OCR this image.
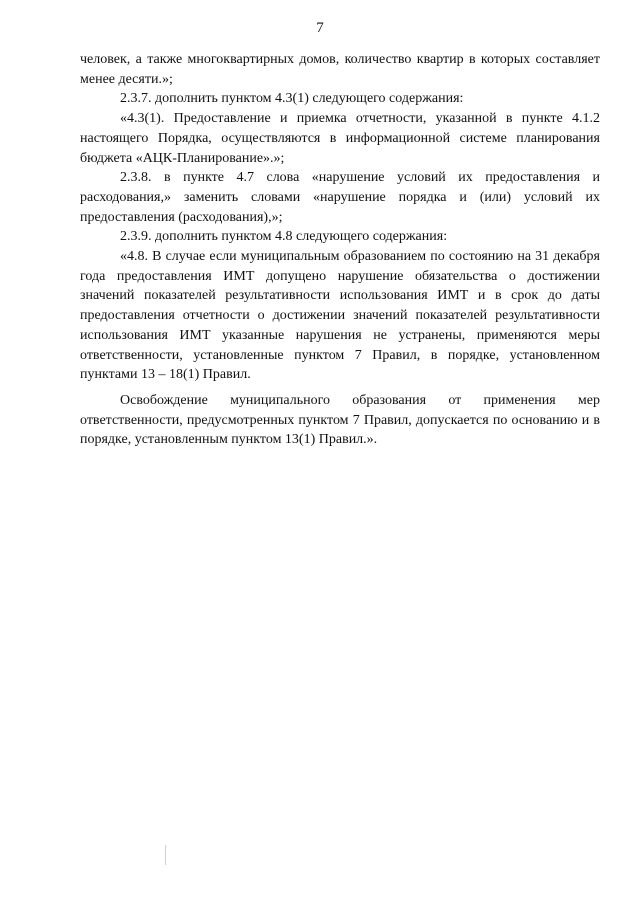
7

человек, а также многоквартирных домов, количество квартир в которых составляет менее десяти.»;

2.3.7. дополнить пунктом 4.3(1) следующего содержания:

«4.3(1). Предоставление и приемка отчетности, указанной в пункте 4.1.2 настоящего Порядка, осуществляются в информационной системе планирования бюджета «АЦК-Планирование».»;

2.3.8. в пункте 4.7 слова «нарушение условий их предоставления и расходования,» заменить словами «нарушение порядка и (или) условий их предоставления (расходования),»;

2.3.9. дополнить пунктом 4.8 следующего содержания:

«4.8. В случае если муниципальным образованием по состоянию на 31 декабря года предоставления ИМТ допущено нарушение обязательства о достижении значений показателей результативности использования ИМТ и в срок до даты предоставления отчетности о достижении значений показателей результативности использования ИМТ указанные нарушения не устранены, применяются меры ответственности, установленные пунктом 7 Правил, в порядке, установленном пунктами 13 – 18(1) Правил.

Освобождение муниципального образования от применения мер ответственности, предусмотренных пунктом 7 Правил, допускается по основанию и в порядке, установленным пунктом 13(1) Правил.».
